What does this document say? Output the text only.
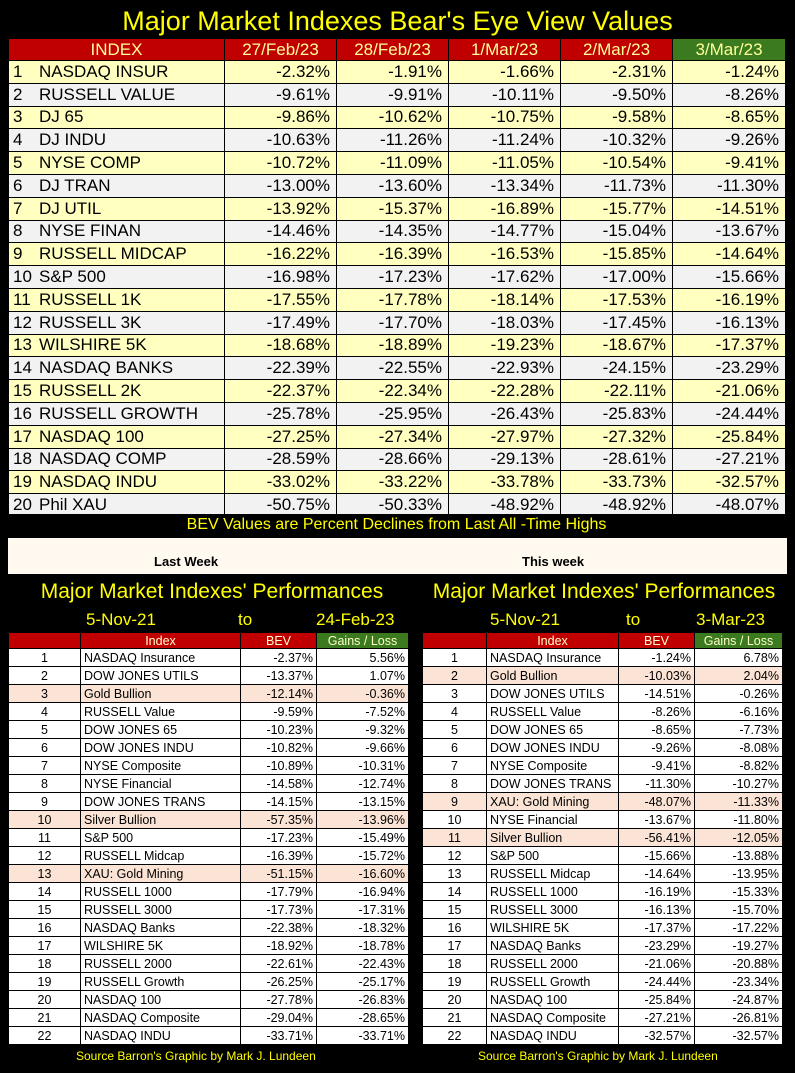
Major Market Indexes Bear's Eye View Values
INDEX	27/Feb/23	28/Feb/23	1/Mar/23	2/Mar/23	3/Mar/23
1 NASDAQ INSUR	-2.32%	-1.91%	-1.66%	-2.31%	-1.24%
2 RUSSELL VALUE	-9.61%	-9.91%	-10.11%	-9.50%	-8.26%
3 DJ 65	-9.86%	-10.62%	-10.75%	-9.58%	-8.65%
4 DJ INDU	-10.63%	-11.26%	-11.24%	-10.32%	-9.26%
5 NYSE COMP	-10.72%	-11.09%	-11.05%	-10.54%	-9.41%
6 DJ TRAN	-13.00%	-13.60%	-13.34%	-11.73%	-11.30%
7 DJ UTIL	-13.92%	-15.37%	-16.89%	-15.77%	-14.51%
8 NYSE FINAN	-14.46%	-14.35%	-14.77%	-15.04%	-13.67%
9 RUSSELL MIDCAP	-16.22%	-16.39%	-16.53%	-15.85%	-14.64%
10 S&P 500	-16.98%	-17.23%	-17.62%	-17.00%	-15.66%
11 RUSSELL 1K	-17.55%	-17.78%	-18.14%	-17.53%	-16.19%
12 RUSSELL 3K	-17.49%	-17.70%	-18.03%	-17.45%	-16.13%
13 WILSHIRE 5K	-18.68%	-18.89%	-19.23%	-18.67%	-17.37%
14 NASDAQ BANKS	-22.39%	-22.55%	-22.93%	-24.15%	-23.29%
15 RUSSELL 2K	-22.37%	-22.34%	-22.28%	-22.11%	-21.06%
16 RUSSELL GROWTH	-25.78%	-25.95%	-26.43%	-25.83%	-24.44%
17 NASDAQ 100	-27.25%	-27.34%	-27.97%	-27.32%	-25.84%
18 NASDAQ COMP	-28.59%	-28.66%	-29.13%	-28.61%	-27.21%
19 NASDAQ INDU	-33.02%	-33.22%	-33.78%	-33.73%	-32.57%
20 Phil XAU	-50.75%	-50.33%	-48.92%	-48.92%	-48.07%
BEV Values are Percent Declines from Last All -Time Highs
Last Week	This week
Major Market Indexes' Performances
5-Nov-21	to	24-Feb-23
	Index	BEV	Gains / Loss
1	NASDAQ Insurance	-2.37%	5.56%
2	DOW JONES UTILS	-13.37%	1.07%
3	Gold Bullion	-12.14%	-0.36%
4	RUSSELL Value	-9.59%	-7.52%
5	DOW JONES 65	-10.23%	-9.32%
6	DOW JONES INDU	-10.82%	-9.66%
7	NYSE Composite	-10.89%	-10.31%
8	NYSE Financial	-14.58%	-12.74%
9	DOW JONES TRANS	-14.15%	-13.15%
10	Silver Bullion	-57.35%	-13.96%
11	S&P 500	-17.23%	-15.49%
12	RUSSELL Midcap	-16.39%	-15.72%
13	XAU: Gold Mining	-51.15%	-16.60%
14	RUSSELL 1000	-17.79%	-16.94%
15	RUSSELL 3000	-17.73%	-17.31%
16	NASDAQ Banks	-22.38%	-18.32%
17	WILSHIRE 5K	-18.92%	-18.78%
18	RUSSELL 2000	-22.61%	-22.43%
19	RUSSELL Growth	-26.25%	-25.17%
20	NASDAQ 100	-27.78%	-26.83%
21	NASDAQ Composite	-29.04%	-28.65%
22	NASDAQ INDU	-33.71%	-33.71%
Source Barron's Graphic by Mark J. Lundeen
Major Market Indexes' Performances
5-Nov-21	to	3-Mar-23
	Index	BEV	Gains / Loss
1	NASDAQ Insurance	-1.24%	6.78%
2	Gold Bullion	-10.03%	2.04%
3	DOW JONES UTILS	-14.51%	-0.26%
4	RUSSELL Value	-8.26%	-6.16%
5	DOW JONES 65	-8.65%	-7.73%
6	DOW JONES INDU	-9.26%	-8.08%
7	NYSE Composite	-9.41%	-8.82%
8	DOW JONES TRANS	-11.30%	-10.27%
9	XAU: Gold Mining	-48.07%	-11.33%
10	NYSE Financial	-13.67%	-11.80%
11	Silver Bullion	-56.41%	-12.05%
12	S&P 500	-15.66%	-13.88%
13	RUSSELL Midcap	-14.64%	-13.95%
14	RUSSELL 1000	-16.19%	-15.33%
15	RUSSELL 3000	-16.13%	-15.70%
16	WILSHIRE 5K	-17.37%	-17.22%
17	NASDAQ Banks	-23.29%	-19.27%
18	RUSSELL 2000	-21.06%	-20.88%
19	RUSSELL Growth	-24.44%	-23.34%
20	NASDAQ 100	-25.84%	-24.87%
21	NASDAQ Composite	-27.21%	-26.81%
22	NASDAQ INDU	-32.57%	-32.57%
Source Barron's Graphic by Mark J. Lundeen
